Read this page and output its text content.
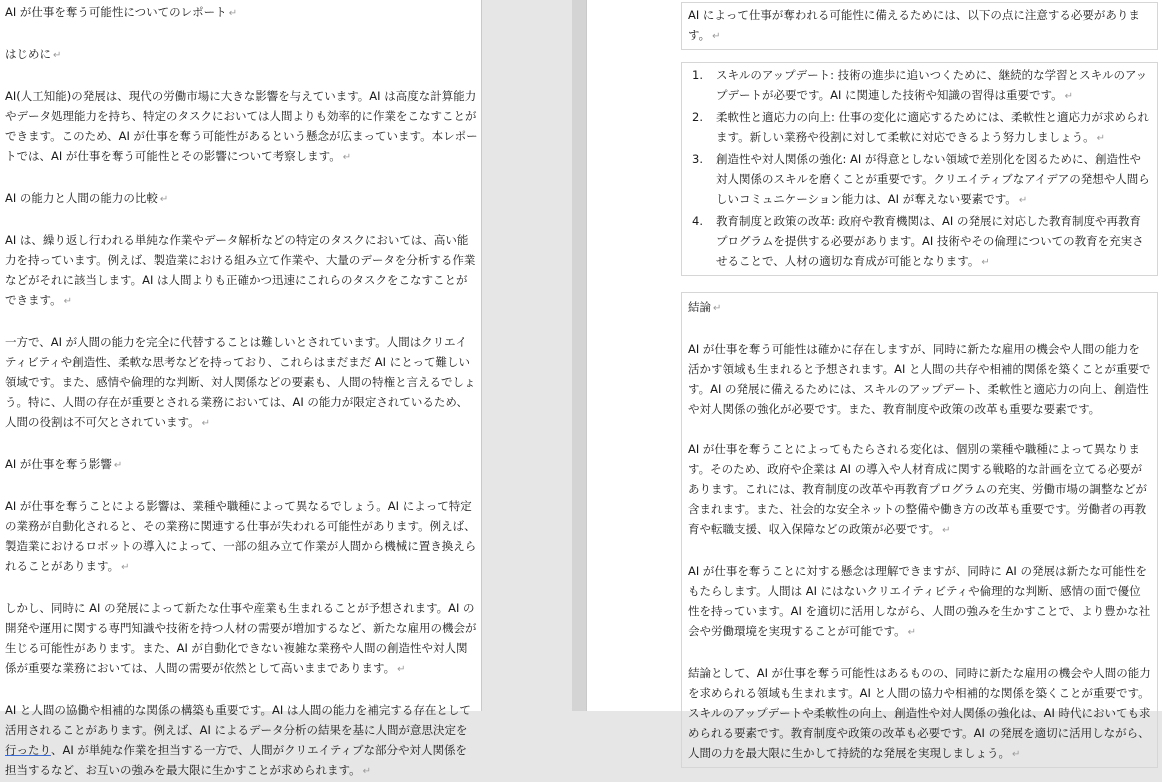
AI が仕事を奪う可能性についてのレポート ↵

はじめに ↵

AI(人工知能)の発展は、現代の労働市場に大きな影響を与えています。AI は高度な計算能力やデータ処理能力を持ち、特定のタスクにおいては人間よりも効率的に作業をこなすことができます。このため、AI が仕事を奪う可能性があるという懸念が広まっています。本レポートでは、AI が仕事を奪う可能性とその影響について考察します。 ↵

AI の能力と人間の能力の比較 ↵

AI は、繰り返し行われる単純な作業やデータ解析などの特定のタスクにおいては、高い能力を持っています。例えば、製造業における組み立て作業や、大量のデータを分析する作業などがそれに該当します。AI は人間よりも正確かつ迅速にこれらのタスクをこなすことができます。 ↵

一方で、AI が人間の能力を完全に代替することは難しいとされています。人間はクリエイティビティや創造性、柔軟な思考などを持っており、これらはまだまだ AI にとって難しい領域です。また、感情や倫理的な判断、対人関係などの要素も、人間の特権と言えるでしょう。特に、人間の存在が重要とされる業務においては、AI の能力が限定されているため、人間の役割は不可欠とされています。 ↵

AI が仕事を奪う影響 ↵

AI が仕事を奪うことによる影響は、業種や職種によって異なるでしょう。AI によって特定の業務が自動化されると、その業務に関連する仕事が失われる可能性があります。例えば、製造業におけるロボットの導入によって、一部の組み立て作業が人間から機械に置き換えられることがあります。 ↵

しかし、同時に AI の発展によって新たな仕事や産業も生まれることが予想されます。AI の開発や運用に関する専門知識や技術を持つ人材の需要が増加するなど、新たな雇用の機会が生じる可能性があります。また、AI が自動化できない複雑な業務や人間の創造性や対人関係が重要な業務においては、人間の需要が依然として高いままであります。 ↵

AI と人間の協働や相補的な関係の構築も重要です。AI は人間の能力を補完する存在として活用されることがあります。例えば、AI によるデータ分析の結果を基に人間が意思決定を行ったり、AI が単純な作業を担当する一方で、人間がクリエイティブな部分や対人関係を担当するなど、お互いの強みを最大限に生かすことが求められます。 ↵

AI によって仕事が奪われる可能性に備えるためには、以下の点に注意する必要があります。 ↵

1.	スキルのアップデート: 技術の進歩に追いつくために、継続的な学習とスキルのアップデートが必要です。AI に関連した技術や知識の習得は重要です。 ↵
2.	柔軟性と適応力の向上: 仕事の変化に適応するためには、柔軟性と適応力が求められます。新しい業務や役割に対して柔軟に対応できるよう努力しましょう。 ↵
3.	創造性や対人関係の強化: AI が得意としない領域で差別化を図るために、創造性や対人関係のスキルを磨くことが重要です。クリエイティブなアイデアの発想や人間らしいコミュニケーション能力は、AI が奪えない要素です。 ↵
4.	教育制度と政策の改革: 政府や教育機関は、AI の発展に対応した教育制度や再教育プログラムを提供する必要があります。AI 技術やその倫理についての教育を充実させることで、人材の適切な育成が可能となります。 ↵

結論 ↵

AI が仕事を奪う可能性は確かに存在しますが、同時に新たな雇用の機会や人間の能力を活かす領域も生まれると予想されます。AI と人間の共存や相補的関係を築くことが重要です。AI の発展に備えるためには、スキルのアップデート、柔軟性と適応力の向上、創造性や対人関係の強化が必要です。また、教育制度や政策の改革も重要な要素です。

AI が仕事を奪うことによってもたらされる変化は、個別の業種や職種によって異なります。そのため、政府や企業は AI の導入や人材育成に関する戦略的な計画を立てる必要があります。これには、教育制度の改革や再教育プログラムの充実、労働市場の調整などが含まれます。また、社会的な安全ネットの整備や働き方の改革も重要です。労働者の再教育や転職支援、収入保障などの政策が必要です。 ↵

AI が仕事を奪うことに対する懸念は理解できますが、同時に AI の発展は新たな可能性をもたらします。人間は AI にはないクリエイティビティや倫理的な判断、感情の面で優位性を持っています。AI を適切に活用しながら、人間の強みを生かすことで、より豊かな社会や労働環境を実現することが可能です。 ↵

結論として、AI が仕事を奪う可能性はあるものの、同時に新たな雇用の機会や人間の能力を求められる領域も生まれます。AI と人間の協力や相補的な関係を築くことが重要です。スキルのアップデートや柔軟性の向上、創造性や対人関係の強化は、AI 時代においても求められる要素です。教育制度や政策の改革も必要です。AI の発展を適切に活用しながら、人間の力を最大限に生かして持続的な発展を実現しましょう。 ↵
